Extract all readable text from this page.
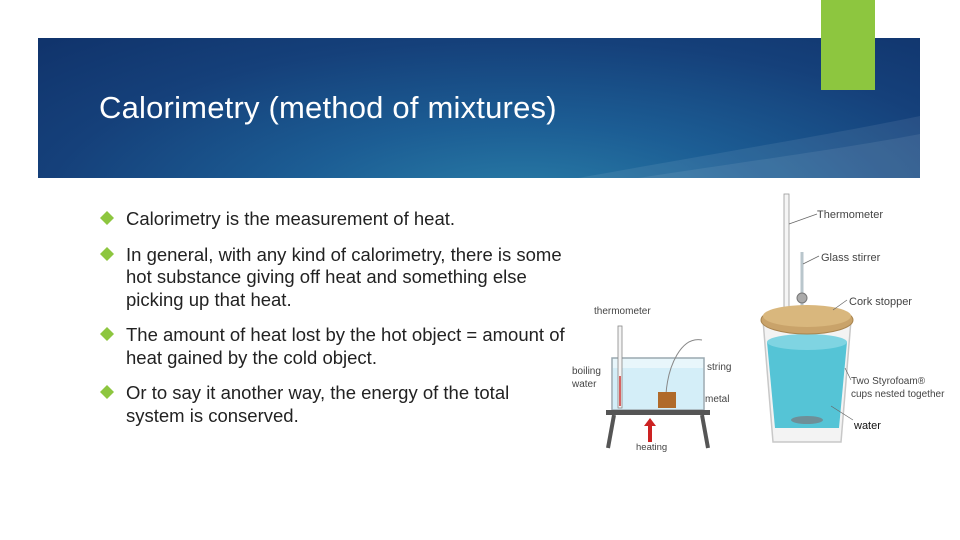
Calorimetry (method of mixtures)
Calorimetry is the measurement of heat.
In general, with any kind of calorimetry, there is some hot substance giving off heat and something else picking up that heat.
The amount of heat lost by the hot object = amount of heat gained by the cold object.
Or to say it another way, the energy of the total system is conserved.
thermometer
heating
boiling
water
string
metal
Thermometer
Glass stirrer
Cork stopper
Two Styrofoam®
cups nested together
water
